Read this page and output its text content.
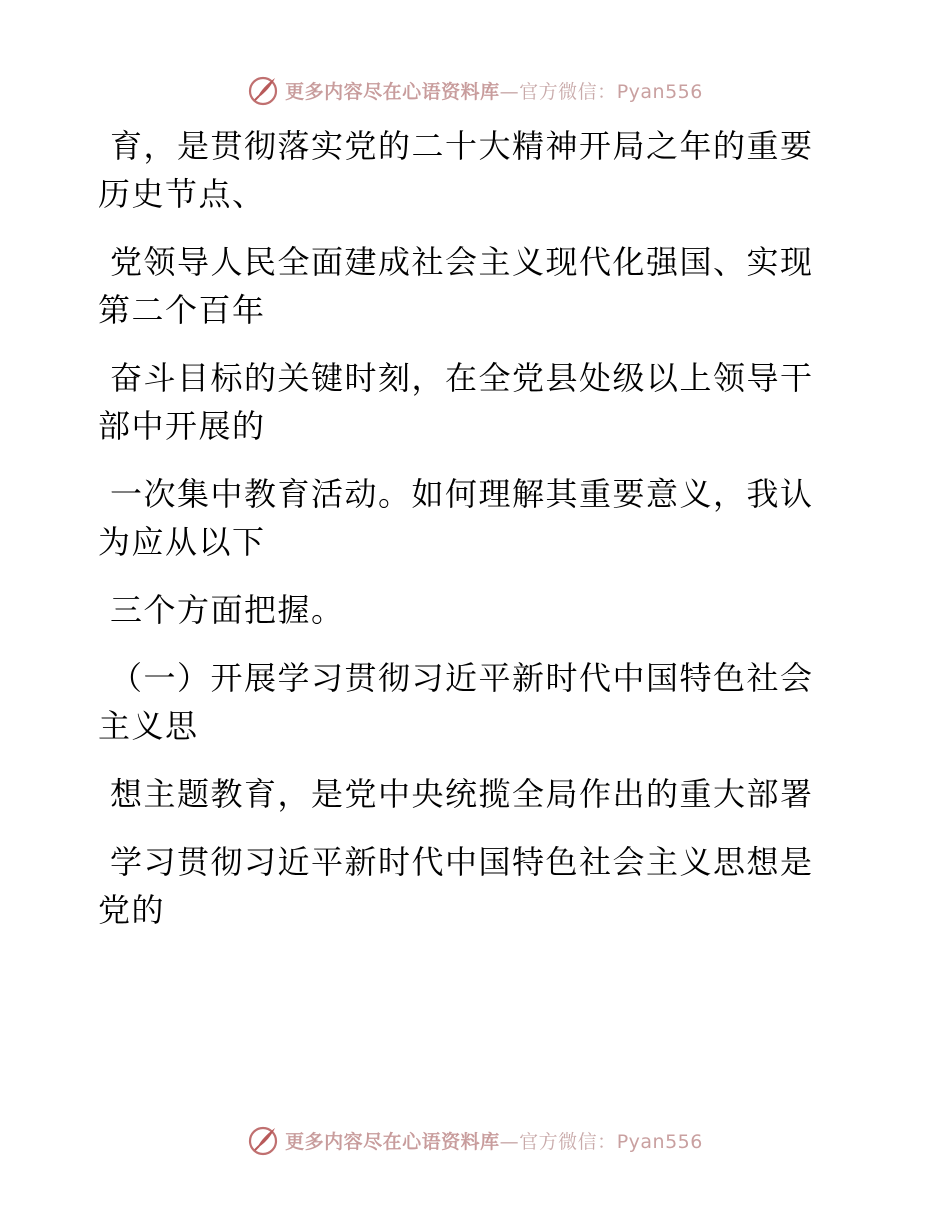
更多内容尽在心语资料库—官方微信：Pyan556
育，是贯彻落实党的二十大精神开局之年的重要
历史节点、
党领导人民全面建成社会主义现代化强国、实现
第二个百年
奋斗目标的关键时刻，在全党县处级以上领导干
部中开展的
一次集中教育活动。如何理解其重要意义，我认
为应从以下
三个方面把握。
（一）开展学习贯彻习近平新时代中国特色社会
主义思
想主题教育，是党中央统揽全局作出的重大部署
学习贯彻习近平新时代中国特色社会主义思想是
党的
更多内容尽在心语资料库—官方微信：Pyan556
